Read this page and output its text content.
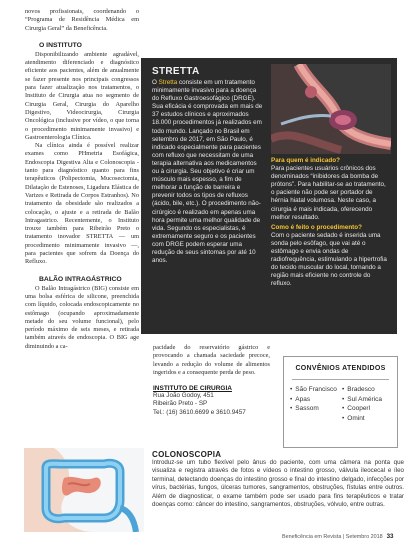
novos profissionais, coordenando o “Programa de Residência Médica em Cirurgia Geral” da Beneficência.

O INSTITUTO

Disponibilizando ambiente agradável, atendimento diferenciado e diagnóstico eficiente aos pacientes, além de anualmente se fazer presente nos principais congressos para fazer atualização nos tratamentos, o Instituto de Cirurgia atua no segmento de Cirurgia Geral, Cirurgia do Aparelho Digestivo, Videocirurgia, Cirurgia Oncológica (inclusive por vídeo, o que torna o procedimento minimamente invasivo) e Gastroenterologia Clínica.

Na clínica ainda é possível realizar exames como PHmetria Esofágica, Endoscopia Digestiva Alta e Colonoscopia - tanto para diagnóstico quanto para fins terapêuticos (Polipectomia, Mucosectomia, Dilatação de Estenoses, Ligadura Elástica de Varizes e Retirada de Corpos Estranhos). No tratamento da obesidade são realizados a colocação, o ajuste e a retirada de Balão Intragastrico. Recentemente, o Instituto trouxe também para Ribeirão Preto o tratamento inovador STRETTA — um procedimento minimamente invasivo —, para pacientes que sofrem da Doença do Refluxo.

BALÃO INTRAGÁSTRICO

O Balão Intragástrico (BIG) consiste em uma bolsa esférica de silicone, preenchida com líquido, colocada endoscopicamente no estômago (ocupando aproximadamente metade do seu volume funcional), pelo período máximo de seis meses, e retirada também através de endoscopia. O BIG age diminuindo a ca-

STRETTA

O Stretta consiste em um tratamento minimamente invasivo para a doença do Refluxo Gastroesofágico (DRGE). Sua eficácia é comprovada em mais de 37 estudos clínicos e aproximados 18.000 procedimentos já realizados em todo mundo. Lançado no Brasil em setembro de 2017, em São Paulo, é indicado especialmente para pacientes com refluxo que necessitam de uma terapia alternativa aos medicamentos ou à cirurgia. Seu objetivo é criar um músculo mais espesso, a fim de melhorar a função de barreira e prevenir todos os tipos de refluxos (ácido, bile, etc.). O procedimento não-cirúrgico é realizado em apenas uma hora permite uma melhor qualidade de vida. Segundo os especialistas, é extremamente seguro e os pacientes com DRGE podem esperar uma redução de seus sintomas por até 10 anos.

Para quem é indicado?
Para pacientes usuários crônicos dos denominados “inibidores da bomba de prótons”. Para habilitar-se ao tratamento, o paciente não pode ser portador de hérnia hiatal volumosa. Neste caso, a cirurgia é mais indicada, oferecendo melhor resultado.
Como é feito o procedimento?
Com o paciente sedado é inserida uma sonda pelo esôfago, que vai até o estômago e envia ondas de radiofrequência, estimulando a hipertrofia do tecido muscular do local, tornando a região mais eficiente no controle do refluxo.

pacidade do reservatório gástrico e provocando a chamada saciedade precoce, levando a redução do volume de alimentos ingeridos e a consequente perda de peso.

INSTITUTO DE CIRURGIA
Rua João Godoy, 451
Ribeirão Preto - SP
Tel.: (16) 3610.6699 e 3610.9457
CONVÊNIOS ATENDIDOS
• São Francisco
• Apas
• Sassom
• Bradesco
• Sul América
• Cooperl
• Omint
COLONOSCOPIA

Introduz-se um tubo flexível pelo ânus do paciente, com uma câmera na ponta que visualiza e registra através de fotos e vídeos o intestino grosso, válvula ileocecal e íleo terminal, detectando doenças do intestino grosso e final do intestino delgado, infecções por vírus, bactérias, fungos, úlceras tumores, sangramentos, obstruções, fístulas entre outros. Além de diagnosticar, o exame também pode ser usado para fins terapêuticos e tratar doenças como: câncer do intestino, sangramentos, obstruções, vólvulo, entre outras.

Beneficência em Revista | Setembro 2018 33
